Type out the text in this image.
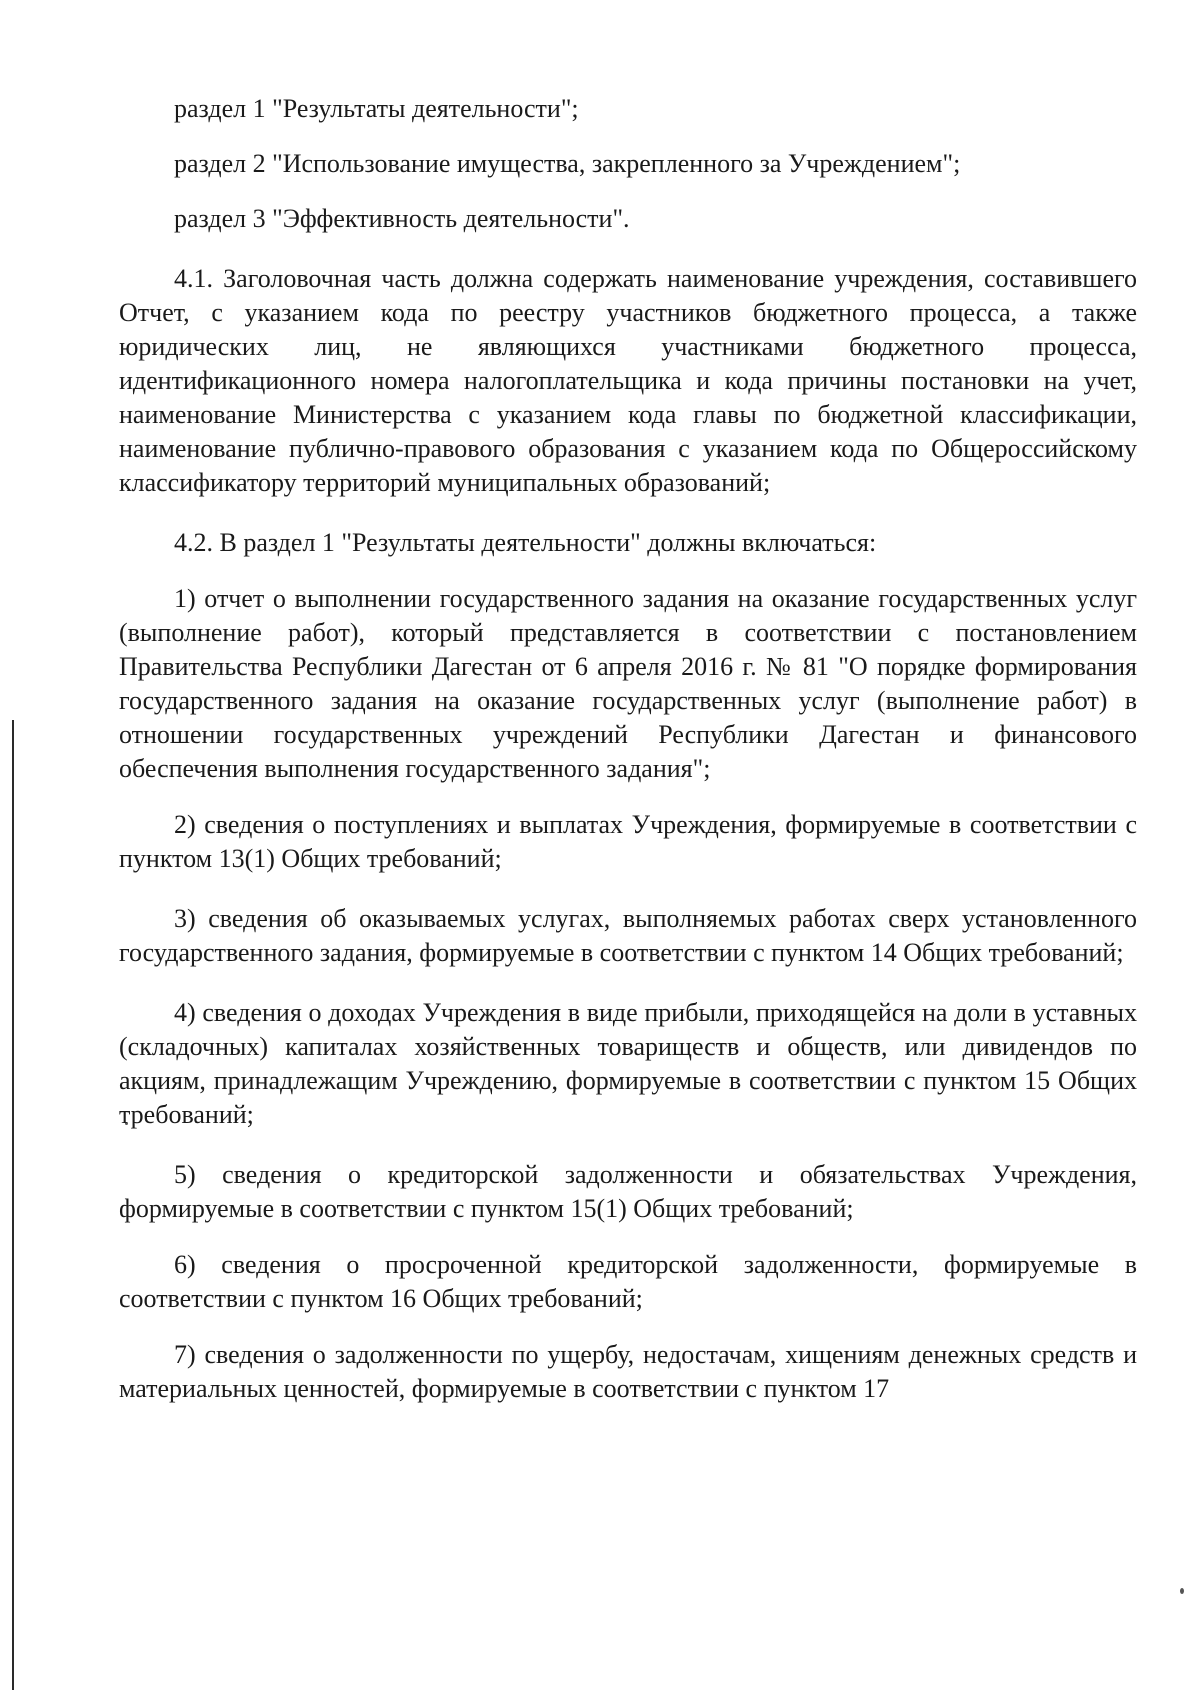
раздел 1 "Результаты деятельности";

раздел 2 "Использование имущества, закрепленного за Учреждением";

раздел 3 "Эффективность деятельности".

4.1. Заголовочная часть должна содержать наименование учреждения, составившего Отчет, с указанием кода по реестру участников бюджетного процесса, а также юридических лиц, не являющихся участниками бюджетного процесса, идентификационного номера налогоплательщика и кода причины постановки на учет, наименование Министерства с указанием кода главы по бюджетной классификации, наименование публично-правового образования с указанием кода по Общероссийскому классификатору территорий муниципальных образований;

4.2. В раздел 1 "Результаты деятельности" должны включаться:

1) отчет о выполнении государственного задания на оказание государственных услуг (выполнение работ), который представляется в соответствии с постановлением Правительства Республики Дагестан от 6 апреля 2016 г. № 81 "О порядке формирования государственного задания на оказание государственных услуг (выполнение работ) в отношении государственных учреждений Республики Дагестан и финансового обеспечения выполнения государственного задания";

2) сведения о поступлениях и выплатах Учреждения, формируемые в соответствии с пунктом 13(1) Общих требований;

3) сведения об оказываемых услугах, выполняемых работах сверх установленного государственного задания, формируемые в соответствии с пунктом 14 Общих требований;

4) сведения о доходах Учреждения в виде прибыли, приходящейся на доли в уставных (складочных) капиталах хозяйственных товариществ и обществ, или дивидендов по акциям, принадлежащим Учреждению, формируемые в соответствии с пунктом 15 Общих требований;

5) сведения о кредиторской задолженности и обязательствах Учреждения, формируемые в соответствии с пунктом 15(1) Общих требований;

6) сведения о просроченной кредиторской задолженности, формируемые в соответствии с пунктом 16 Общих требований;

7) сведения о задолженности по ущербу, недостачам, хищениям денежных средств и материальных ценностей, формируемые в соответствии с пунктом 17
